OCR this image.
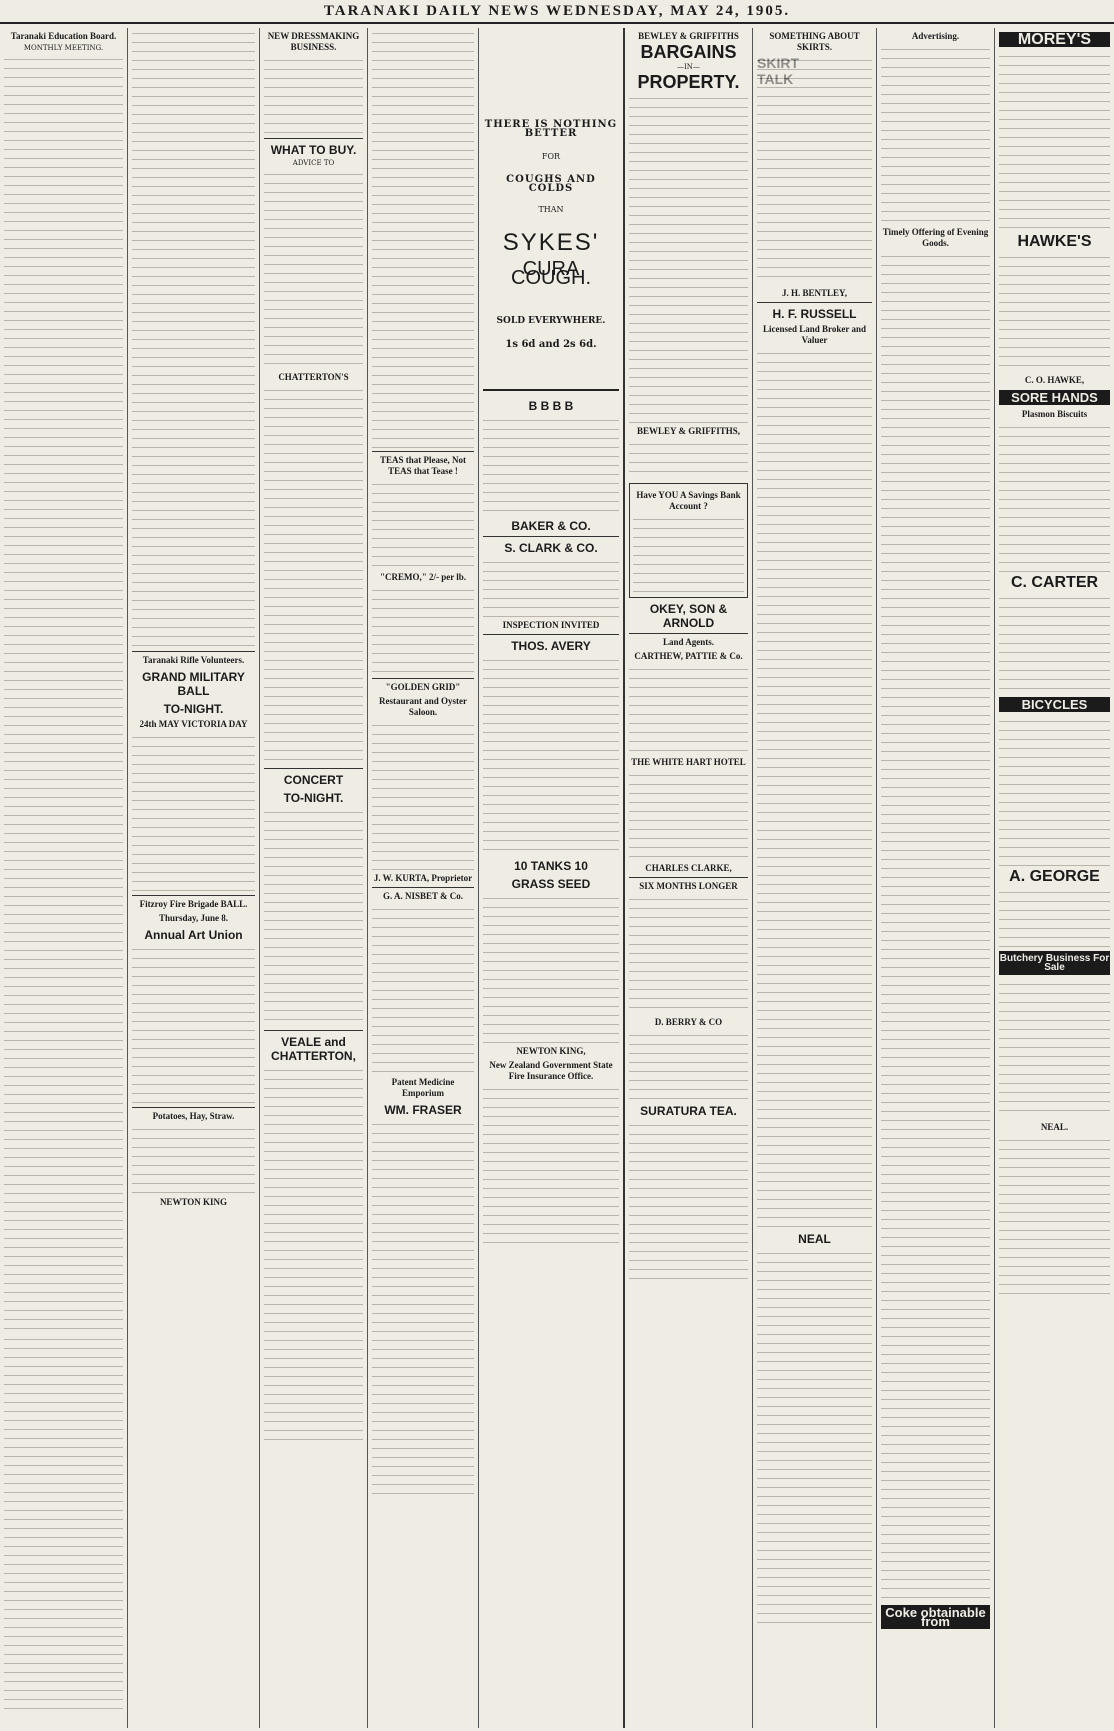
TARANAKI DAILY NEWS WEDNESDAY, MAY 24, 1905.
Taranaki Education Board.
MONTHLY MEETING.
Taranaki Rifle Volunteers.
GRAND MILITARY BALL
TO-NIGHT.
24th MAY VICTORIA DAY
Fitzroy Fire Brigade BALL.
Thursday, June 8.
Annual Art Union
Potatoes, Hay, Straw.
NEWTON KING
NEW DRESSMAKING BUSINESS.
WHAT TO BUY.
ADVICE TO
CHATTERTON'S
CONCERT
TO-NIGHT.
VEALE and CHATTERTON,
TEAS that Please, Not TEAS that Tease !
"CREMO," 2/- per lb.
"GOLDEN GRID"
Restaurant and Oyster Saloon.
J. W. KURTA, Proprietor
G. A. NISBET & Co.
Patent Medicine Emporium
WM. FRASER
THERE IS NOTHING BETTER
FOR
COUGHS AND COLDS
THAN
SYKES'
CURA COUGH.
SOLD EVERYWHERE.
1s 6d and 2s 6d.
B B B B
BAKER & CO.
S. CLARK & CO.
INSPECTION INVITED
THOS. AVERY
10 TANKS 10
GRASS SEED
NEWTON KING,
New Zealand Government State Fire Insurance Office.
BEWLEY & GRIFFITHS
BARGAINS
—IN—
PROPERTY.
BEWLEY & GRIFFITHS,
Have YOU A Savings Bank Account ?
OKEY, SON & ARNOLD
Land Agents.
CARTHEW, PATTIE & Co.
THE WHITE HART HOTEL
CHARLES CLARKE,
SIX MONTHS LONGER
D. BERRY & CO
SURATURA TEA.
SOMETHING ABOUT SKIRTS.
J. H. BENTLEY,
H. F. RUSSELL
Licensed Land Broker and Valuer
NEAL
Advertising.
Timely Offering of Evening Goods.
Coke obtainable from
MOREY'S
HAWKE'S
C. O. HAWKE,
SORE HANDS
Plasmon Biscuits
C. CARTER
BICYCLES
A. GEORGE
Butchery Business For Sale
NEAL.
